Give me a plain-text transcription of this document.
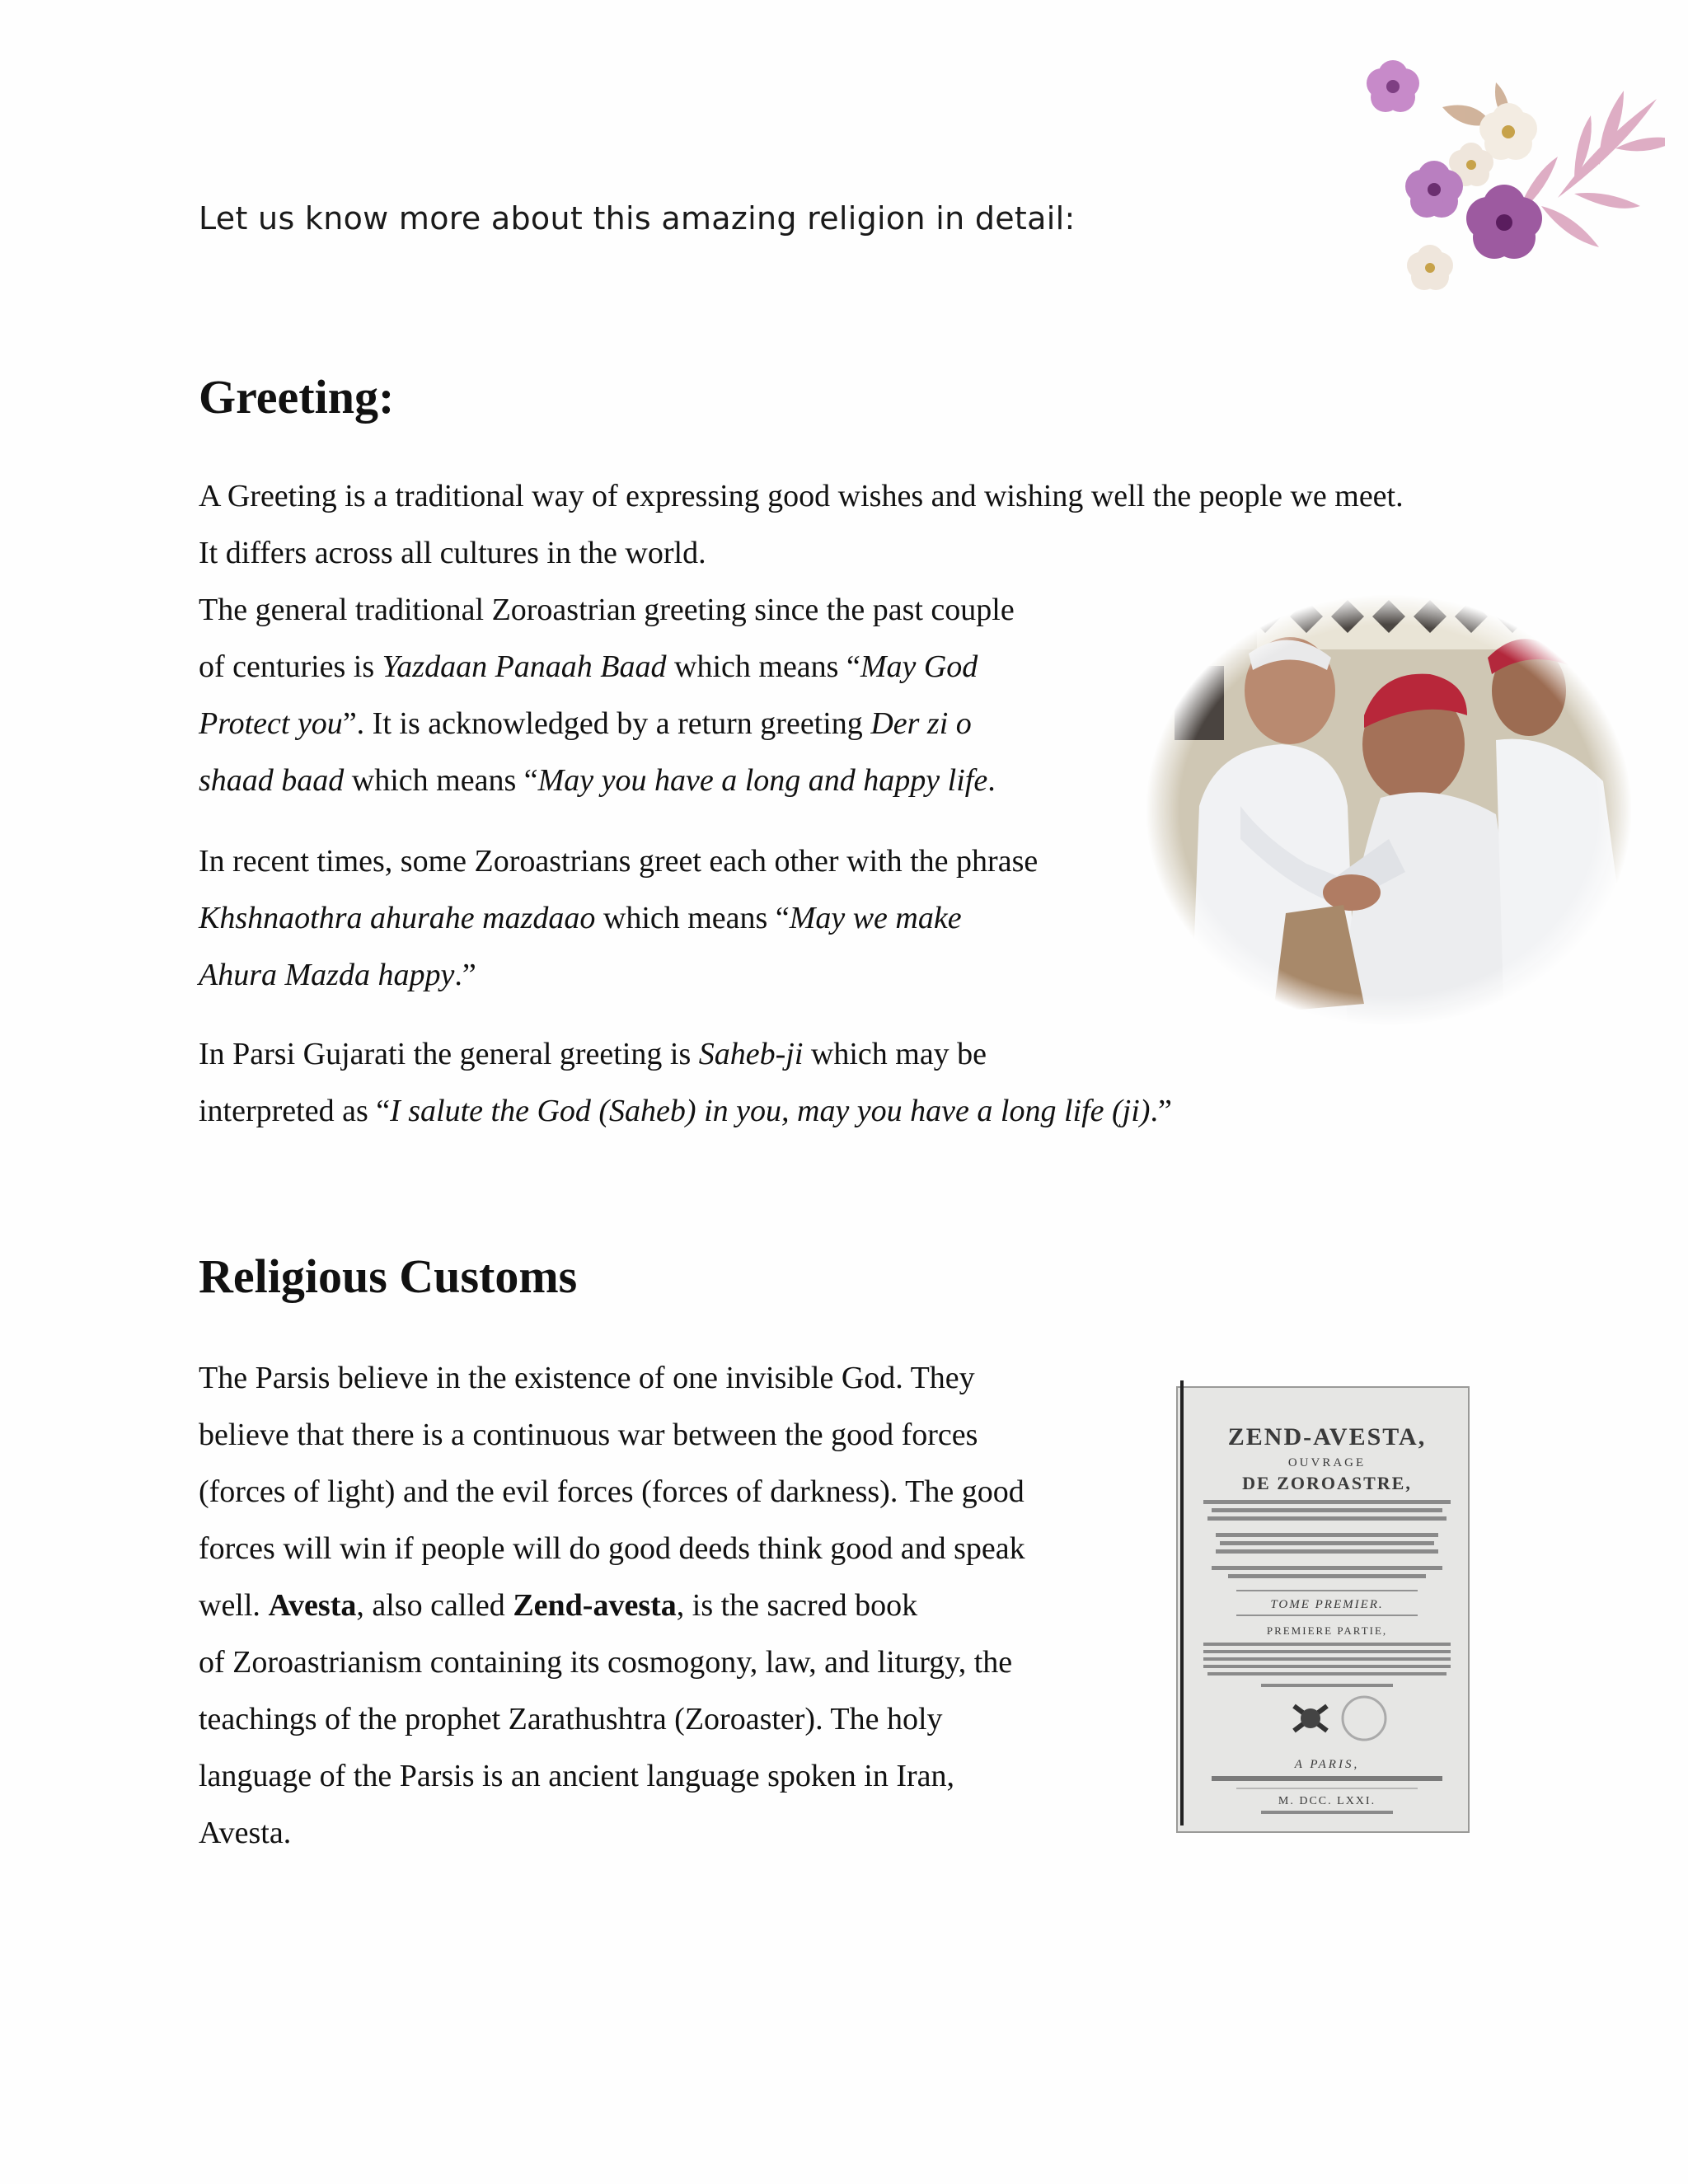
Let us know more about this amazing religion in detail:
Greeting:
A Greeting is a traditional way of expressing good wishes and wishing well the people we meet.
It differs across all cultures in the world.
The general traditional Zoroastrian greeting since the past couple
of centuries is Yazdaan Panaah Baad which means “May God
Protect you”. It is acknowledged by a return greeting Der zi o
shaad baad which means “May you have a long and happy life.
In recent times, some Zoroastrians greet each other with the phrase
Khshnaothra ahurahe mazdaao which means “May we make
Ahura Mazda happy.”
In Parsi Gujarati the general greeting is Saheb-ji which may be
interpreted as “I salute the God (Saheb) in you, may you have a long life (ji).”
Religious Customs
The Parsis believe in the existence of one invisible God. They
believe that there is a continuous war between the good forces
(forces of light) and the evil forces (forces of darkness). The good
forces will win if people will do good deeds think good and speak
well. Avesta, also called Zend-avesta, is the sacred book
of Zoroastrianism containing its cosmogony, law, and liturgy, the
teachings of the prophet Zarathushtra (Zoroaster). The holy
language of the Parsis is an ancient language spoken in Iran,
Avesta.
ZEND-AVESTA,
OUVRAGE
DE ZOROASTRE,
TOME PREMIER.
PREMIERE PARTIE,
A PARIS,
M. DCC. LXXI.
